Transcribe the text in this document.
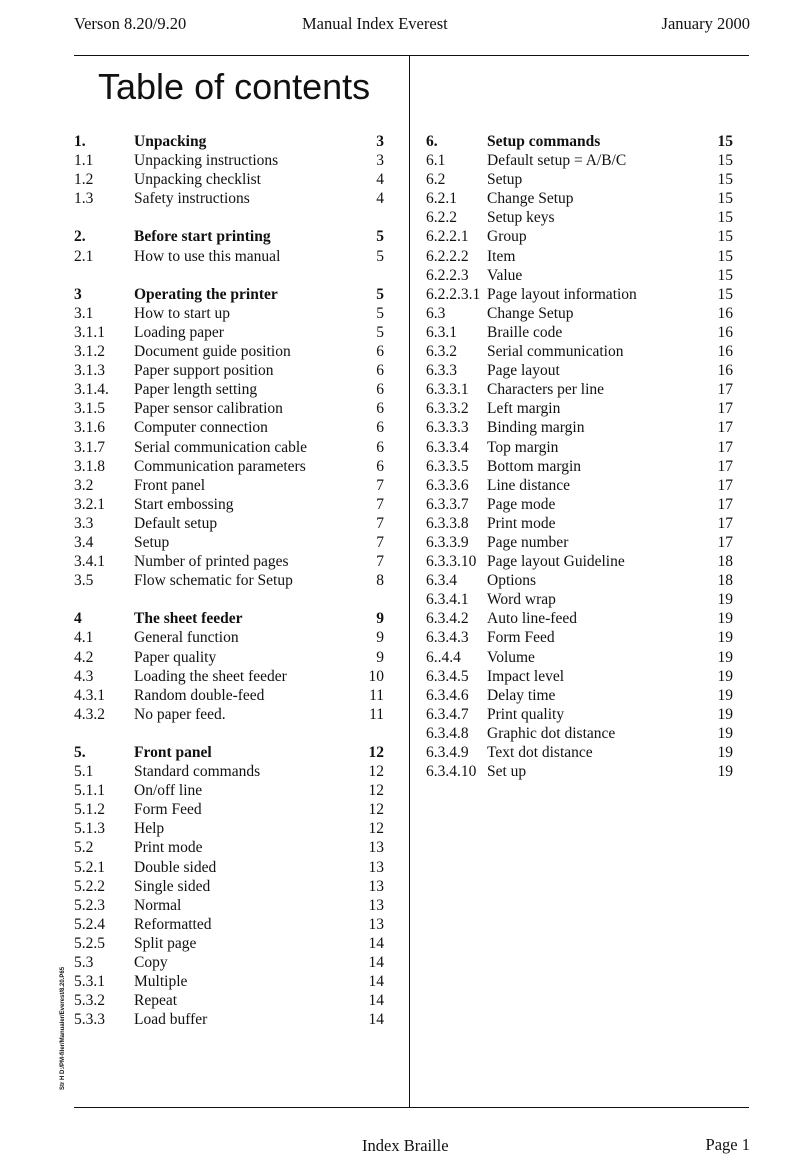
Verson 8.20/9.20	Manual Index Everest	January 2000
Table of contents
1.	Unpacking	3
1.1	Unpacking instructions	3
1.2	Unpacking checklist	4
1.3	Safety instructions	4
2.	Before start printing	5
2.1	How to use this manual	5
3	Operating the printer	5
3.1	How to start up	5
3.1.1 Loading paper	5
3.1.2 Document guide position	6
3.1.3 Paper support position	6
3.1.4. Paper length setting	6
3.1.5 Paper sensor calibration	6
3.1.6 Computer connection	6
3.1.7 Serial communication cable	6
3.1.8 Communication parameters	6
3.2	Front panel	7
3.2.1 Start embossing	7
3.3	Default setup	7
3.4	Setup	7
3.4.1 Number of printed pages	7
3.5	Flow schematic for Setup	8
4	The sheet feeder	9
4.1	General function	9
4.2	Paper quality	9
4.3	Loading the sheet feeder	10
4.3.1 Random double-feed	11
4.3.2 No paper feed.	11
5.	Front panel	12
5.1	Standard commands	12
5.1.1 On/off line	12
5.1.2 Form Feed	12
5.1.3 Help	12
5.2	Print mode	13
5.2.1 Double sided	13
5.2.2 Single sided	13
5.2.3 Normal	13
5.2.4 Reformatted	13
5.2.5 Split page	14
5.3	Copy	14
5.3.1 Multiple	14
5.3.2 Repeat	14
5.3.3 Load buffer	14
6.	Setup commands	15
6.1	Default setup = A/B/C	15
6.2	Setup	15
6.2.1 Change Setup	15
6.2.2 Setup keys	15
6.2.2.1 Group	15
6.2.2.2 Item	15
6.2.2.3 Value	15
6.2.2.3.1 Page layout information	15
6.3	Change Setup	16
6.3.1 Braille code	16
6.3.2 Serial communication	16
6.3.3 Page layout	16
6.3.3.1 Characters per line	17
6.3.3.2 Left margin	17
6.3.3.3 Binding margin	17
6.3.3.4 Top margin	17
6.3.3.5 Bottom margin	17
6.3.3.6 Line distance	17
6.3.3.7 Page mode	17
6.3.3.8 Print mode	17
6.3.3.9 Page number	17
6.3.3.10 Page layout Guideline	18
6.3.4 Options	18
6.3.4.1 Word wrap	19
6.3.4.2 Auto line-feed	19
6.3.4.3 Form Feed	19
6..4.4 Volume	19
6.3.4.5 Impact level	19
6.3.4.6 Delay time	19
6.3.4.7 Print quality	19
6.3.4.8 Graphic dot distance	19
6.3.4.9 Text dot distance	19
6.3.4.10 Set up	19
Str H D:/PM-filer/Manualer/Everest/8.20.P65
Index Braille	Page 1
